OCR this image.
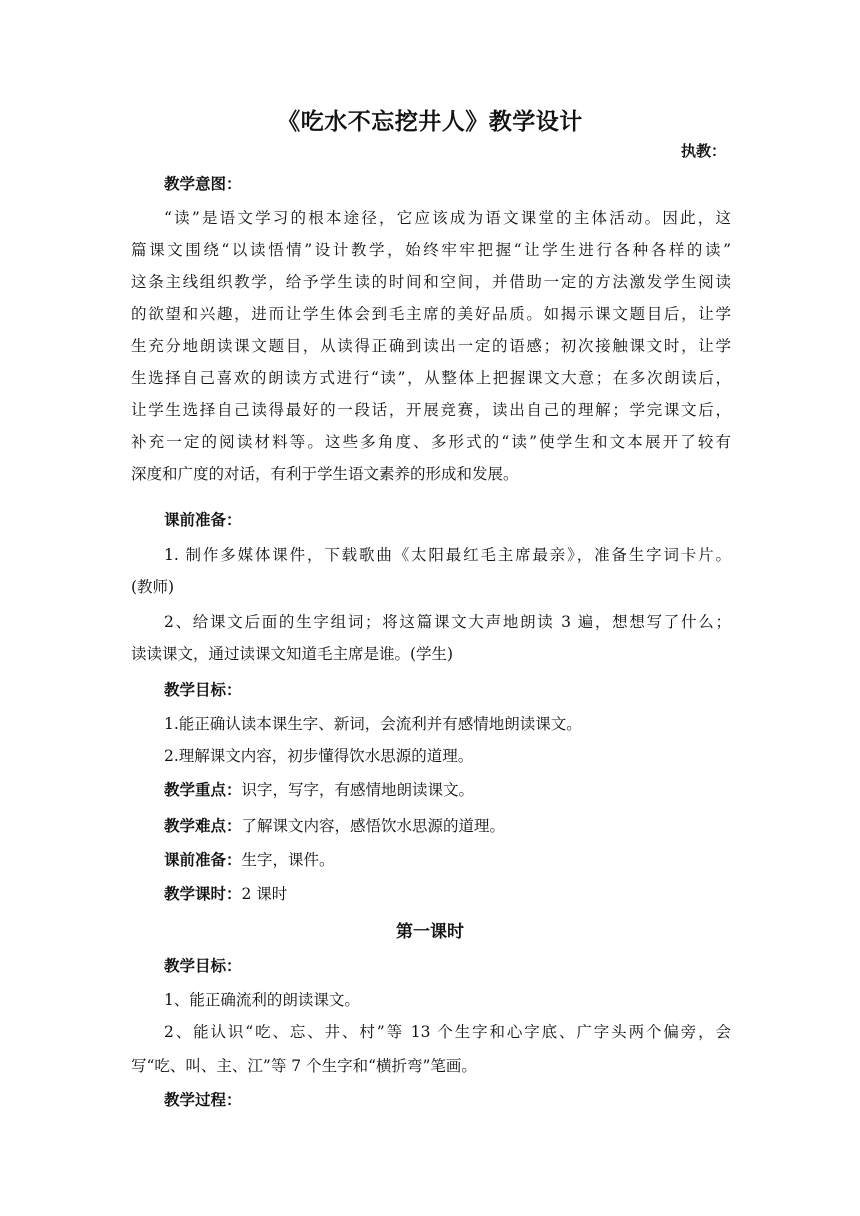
《吃水不忘挖井人》教学设计
执教：
教学意图：
“读”是语文学习的根本途径，它应该成为语文课堂的主体活动。因此，这
篇课文围绕“以读悟情”设计教学，始终牢牢把握“让学生进行各种各样的读”
这条主线组织教学，给予学生读的时间和空间，并借助一定的方法激发学生阅读
的欲望和兴趣，进而让学生体会到毛主席的美好品质。如揭示课文题目后，让学
生充分地朗读课文题目，从读得正确到读出一定的语感；初次接触课文时，让学
生选择自己喜欢的朗读方式进行“读”，从整体上把握课文大意；在多次朗读后，
让学生选择自己读得最好的一段话，开展竞赛，读出自己的理解；学完课文后，
补充一定的阅读材料等。这些多角度、多形式的“读”使学生和文本展开了较有
深度和广度的对话，有利于学生语文素养的形成和发展。
课前准备：
1. 制作多媒体课件，下载歌曲《太阳最红毛主席最亲》，准备生字词卡片。
(教师)
2、给课文后面的生字组词；将这篇课文大声地朗读 3 遍，想想写了什么；
读读课文，通过读课文知道毛主席是谁。(学生)
教学目标：
1.能正确认读本课生字、新词，会流利并有感情地朗读课文。
2.理解课文内容，初步懂得饮水思源的道理。
教学重点：识字，写字，有感情地朗读课文。
教学难点：了解课文内容，感悟饮水思源的道理。
课前准备：生字，课件。
教学课时：2 课时
第一课时
教学目标：
1、能正确流利的朗读课文。
2、能认识“吃、忘、井、村”等 13 个生字和心字底、广字头两个偏旁，会
写“吃、叫、主、江”等 7 个生字和“横折弯”笔画。
教学过程：
